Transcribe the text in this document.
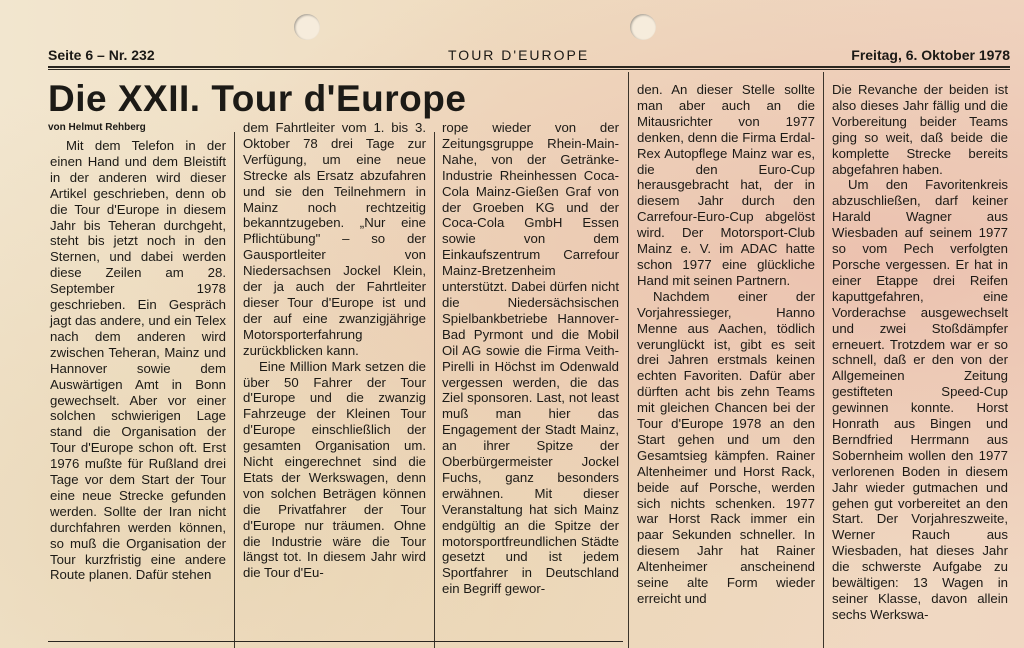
Seite 6 – Nr. 232	TOUR D'EUROPE	Freitag, 6. Oktober 1978
Die XXII. Tour d'Europe
von Helmut Rehberg

Mit dem Telefon in der einen Hand und dem Bleistift in der anderen wird dieser Artikel geschrieben, denn ob die Tour d'Europe in diesem Jahr bis Teheran durchgeht, steht bis jetzt noch in den Sternen, und dabei werden diese Zeilen am 28. September 1978 geschrieben. Ein Gespräch jagt das andere, und ein Telex nach dem anderen wird zwischen Teheran, Mainz und Hannover sowie dem Auswärtigen Amt in Bonn gewechselt. Aber vor einer solchen schwierigen Lage stand die Organisation der Tour d'Europe schon oft. Erst 1976 mußte für Rußland drei Tage vor dem Start der Tour eine neue Strecke gefunden werden. Sollte der Iran nicht durchfahren werden können, so muß die Organisation der Tour kurzfristig eine andere Route planen. Dafür stehen

dem Fahrtleiter vom 1. bis 3. Oktober 78 drei Tage zur Verfügung, um eine neue Strecke als Ersatz abzufahren und sie den Teilnehmern in Mainz noch rechtzeitig bekanntzugeben. „Nur eine Pflichtübung" – so der Gausportleiter von Niedersachsen Jockel Klein, der ja auch der Fahrtleiter dieser Tour d'Europe ist und der auf eine zwanzigjährige Motorsporterfahrung zurückblicken kann.

Eine Million Mark setzen die über 50 Fahrer der Tour d'Europe und die zwanzig Fahrzeuge der Kleinen Tour d'Europe einschließlich der gesamten Organisation um. Nicht eingerechnet sind die Etats der Werkswagen, denn von solchen Beträgen können die Privatfahrer der Tour d'Europe nur träumen. Ohne die Industrie wäre die Tour längst tot. In diesem Jahr wird die Tour d'Eu-

rope wieder von der Zeitungsgruppe Rhein-Main-Nahe, von der Getränke-Industrie Rheinhessen Coca-Cola Mainz-Gießen Graf von der Groeben KG und der Coca-Cola GmbH Essen sowie von dem Einkaufszentrum Carrefour Mainz-Bretzenheim unterstützt. Dabei dürfen nicht die Niedersächsischen Spielbankbetriebe Hannover-Bad Pyrmont und die Mobil Oil AG sowie die Firma Veith-Pirelli in Höchst im Odenwald vergessen werden, die das Ziel sponsoren. Last, not least muß man hier das Engagement der Stadt Mainz, an ihrer Spitze der Oberbürgermeister Jockel Fuchs, ganz besonders erwähnen. Mit dieser Veranstaltung hat sich Mainz endgültig an die Spitze der motorsportfreundlichen Städte gesetzt und ist jedem Sportfahrer in Deutschland ein Begriff gewor-

den. An dieser Stelle sollte man aber auch an die Mitausrichter von 1977 denken, denn die Firma Erdal-Rex Autopflege Mainz war es, die den Euro-Cup herausgebracht hat, der in diesem Jahr durch den Carrefour-Euro-Cup abgelöst wird. Der Motorsport-Club Mainz e. V. im ADAC hatte schon 1977 eine glückliche Hand mit seinen Partnern.

Nachdem einer der Vorjahressieger, Hanno Menne aus Aachen, tödlich verunglückt ist, gibt es seit drei Jahren erstmals keinen echten Favoriten. Dafür aber dürften acht bis zehn Teams mit gleichen Chancen bei der Tour d'Europe 1978 an den Start gehen und um den Gesamtsieg kämpfen. Rainer Altenheimer und Horst Rack, beide auf Porsche, werden sich nichts schenken. 1977 war Horst Rack immer ein paar Sekunden schneller. In diesem Jahr hat Rainer Altenheimer anscheinend seine alte Form wieder erreicht und

Die Revanche der beiden ist also dieses Jahr fällig und die Vorbereitung beider Teams ging so weit, daß beide die komplette Strecke bereits abgefahren haben.

Um den Favoritenkreis abzuschließen, darf keiner Harald Wagner aus Wiesbaden auf seinem 1977 so vom Pech verfolgten Porsche vergessen. Er hat in einer Etappe drei Reifen kaputtgefahren, eine Vorderachse ausgewechselt und zwei Stoßdämpfer erneuert. Trotzdem war er so schnell, daß er den von der Allgemeinen Zeitung gestifteten Speed-Cup gewinnen konnte. Horst Honrath aus Bingen und Berndfried Herrmann aus Sobernheim wollen den 1977 verlorenen Boden in diesem Jahr wieder gutmachen und gehen gut vorbereitet an den Start. Der Vorjahreszweite, Werner Rauch aus Wiesbaden, hat dieses Jahr die schwerste Aufgabe zu bewältigen: 13 Wagen in seiner Klasse, davon allein sechs Werkswa-
